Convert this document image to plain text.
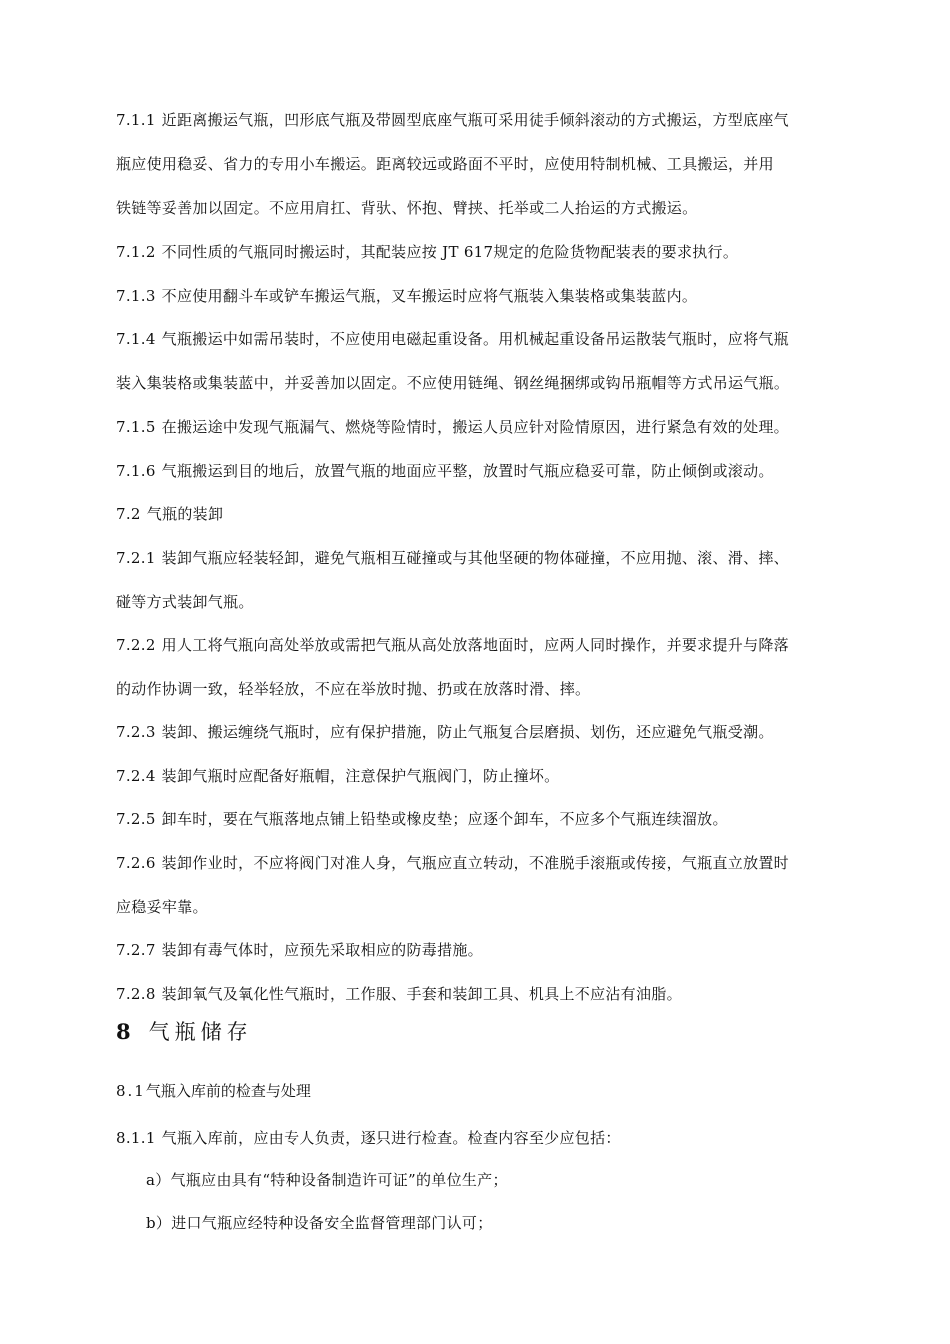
7.1.1 近距离搬运气瓶，凹形底气瓶及带圆型底座气瓶可采用徒手倾斜滚动的方式搬运，方型底座气
瓶应使用稳妥、省力的专用小车搬运。距离较远或路面不平时，应使用特制机械、工具搬运，并用
铁链等妥善加以固定。不应用肩扛、背驮、怀抱、臂挟、托举或二人抬运的方式搬运。
7.1.2 不同性质的气瓶同时搬运时，其配装应按 JT 617规定的危险货物配装表的要求执行。
7.1.3 不应使用翻斗车或铲车搬运气瓶，叉车搬运时应将气瓶装入集装格或集装蓝内。
7.1.4 气瓶搬运中如需吊装时，不应使用电磁起重设备。用机械起重设备吊运散装气瓶时，应将气瓶
装入集装格或集装蓝中，并妥善加以固定。不应使用链绳、钢丝绳捆绑或钩吊瓶帽等方式吊运气瓶。
7.1.5 在搬运途中发现气瓶漏气、燃烧等险情时，搬运人员应针对险情原因，进行紧急有效的处理。
7.1.6 气瓶搬运到目的地后，放置气瓶的地面应平整，放置时气瓶应稳妥可靠，防止倾倒或滚动。
7.2 气瓶的装卸
7.2.1 装卸气瓶应轻装轻卸，避免气瓶相互碰撞或与其他坚硬的物体碰撞，不应用抛、滚、滑、摔、
碰等方式装卸气瓶。
7.2.2 用人工将气瓶向高处举放或需把气瓶从高处放落地面时，应两人同时操作，并要求提升与降落
的动作协调一致，轻举轻放，不应在举放时抛、扔或在放落时滑、摔。
7.2.3 装卸、搬运缠绕气瓶时，应有保护措施，防止气瓶复合层磨损、划伤，还应避免气瓶受潮。
7.2.4 装卸气瓶时应配备好瓶帽，注意保护气瓶阀门，防止撞坏。
7.2.5 卸车时，要在气瓶落地点铺上铅垫或橡皮垫；应逐个卸车，不应多个气瓶连续溜放。
7.2.6 装卸作业时，不应将阀门对准人身，气瓶应直立转动，不准脱手滚瓶或传接，气瓶直立放置时
应稳妥牢靠。
7.2.7 装卸有毒气体时，应预先采取相应的防毒措施。
7.2.8 装卸氧气及氧化性气瓶时，工作服、手套和装卸工具、机具上不应沾有油脂。
8 气瓶储存
8.1气瓶入库前的检查与处理
8.1.1 气瓶入库前，应由专人负责，逐只进行检查。检查内容至少应包括：
a）气瓶应由具有“特种设备制造许可证”的单位生产；
b）进口气瓶应经特种设备安全监督管理部门认可；
